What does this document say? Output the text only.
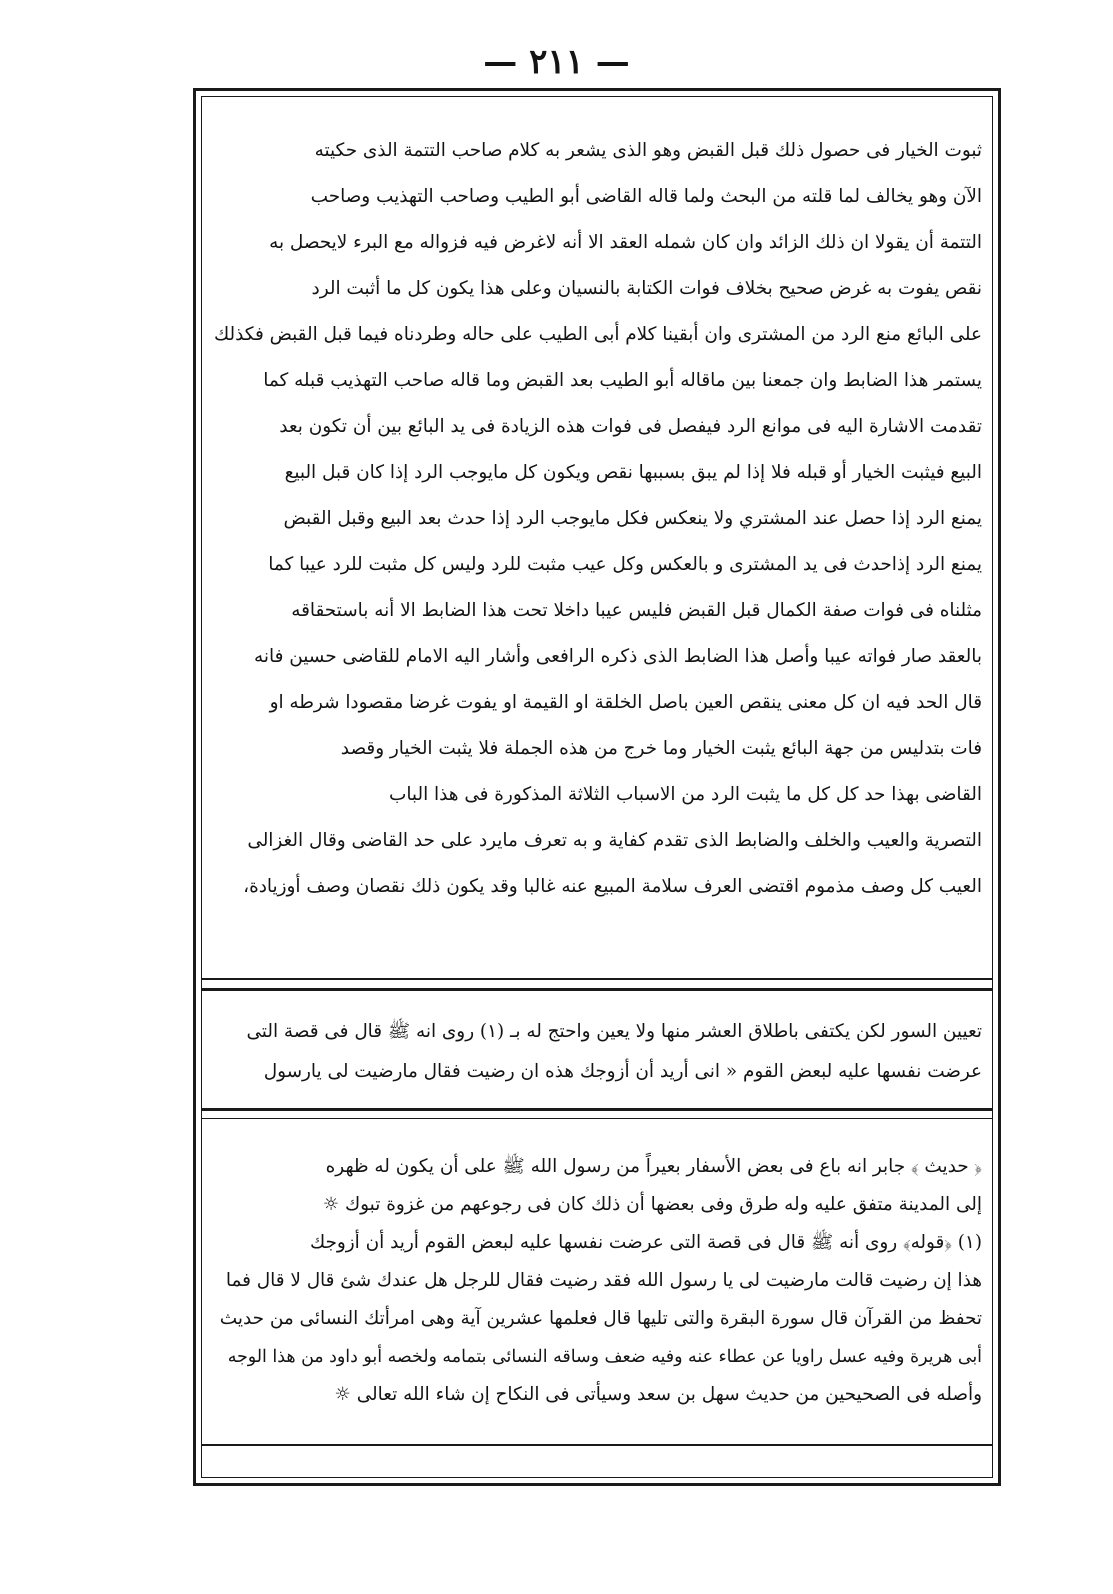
— ٢١١ —

ثبوت الخيار فى حصول ذلك قبل القبض وهو الذى يشعر به كلام صاحب التتمة الذى حكيته

الآن وهو يخالف لما قلته من البحث ولما قاله القاضى أبو الطيب وصاحب التهذيب وصاحب

التتمة أن يقولا ان ذلك الزائد وان كان شمله العقد الا أنه لاغرض فيه فزواله مع البرء لايحصل به

نقص يفوت به غرض صحيح بخلاف فوات الكتابة بالنسيان وعلى هذا يكون كل ما أثبت الرد

على البائع منع الرد من المشترى وان أبقينا كلام أبى الطيب على حاله وطردناه فيما قبل القبض فكذلك

يستمر هذا الضابط وان جمعنا بين ماقاله أبو الطيب بعد القبض وما قاله صاحب التهذيب قبله كما

تقدمت الاشارة اليه فى موانع الرد فيفصل فى فوات هذه الزيادة فى يد البائع بين أن تكون بعد

البيع فيثبت الخيار أو قبله فلا إذا لم يبق بسببها نقص ويكون كل مايوجب الرد إذا كان قبل البيع

يمنع الرد إذا حصل عند المشتري ولا ينعكس فكل مايوجب الرد إذا حدث بعد البيع وقبل القبض

يمنع الرد إذاحدث فى يد المشترى و بالعكس وكل عيب مثبت للرد وليس كل مثبت للرد عيبا كما

مثلناه فى فوات صفة الكمال قبل القبض فليس عيبا داخلا تحت هذا الضابط الا أنه باستحقاقه

بالعقد صار فواته عيبا وأصل هذا الضابط الذى ذكره الرافعى وأشار اليه الامام للقاضى حسين فانه

قال الحد فيه ان كل معنى ينقص العين باصل الخلقة او القيمة او يفوت غرضا مقصودا شرطه او

فات بتدليس من جهة البائع يثبت الخيار وما خرج من هذه الجملة فلا يثبت الخيار وقصد

القاضى بهذا حد كل كل ما يثبت الرد من الاسباب الثلاثة المذكورة فى هذا الباب

التصرية والعيب والخلف والضابط الذى تقدم كفاية و به تعرف مايرد على حد القاضى وقال الغزالى

العيب كل وصف مذموم اقتضى العرف سلامة المبيع عنه غالبا وقد يكون ذلك نقصان وصف أوزيادة،

تعيين السور لكن يكتفى باطلاق العشر منها ولا يعين واحتج له بـ (١) روى انه ﷺ قال فى قصة التى

عرضت نفسها عليه لبعض القوم « انى أريد أن أزوجك هذه ان رضيت فقال مارضيت لى يارسول

﴿ حديث ﴾ جابر انه باع فى بعض الأسفار بعيراً من رسول الله ﷺ على أن يكون له ظهره

إلى المدينة متفق عليه وله طرق وفى بعضها أن ذلك كان فى رجوعهم من غزوة تبوك ☼

(١) ﴿قوله﴾ روى أنه ﷺ قال فى قصة التى عرضت نفسها عليه لبعض القوم أريد أن أزوجك

هذا إن رضيت قالت مارضيت لى يا رسول الله فقد رضيت فقال للرجل هل عندك شئ قال لا قال فما

تحفظ من القرآن قال سورة البقرة والتى تليها قال فعلمها عشرين آية وهى امرأتك النسائى من حديث

أبى هريرة وفيه عسل راويا عن عطاء عنه وفيه ضعف وساقه النسائى بتمامه ولخصه أبو داود من هذا الوجه

وأصله فى الصحيحين من حديث سهل بن سعد وسيأتى فى النكاح إن شاء الله تعالى ☼
